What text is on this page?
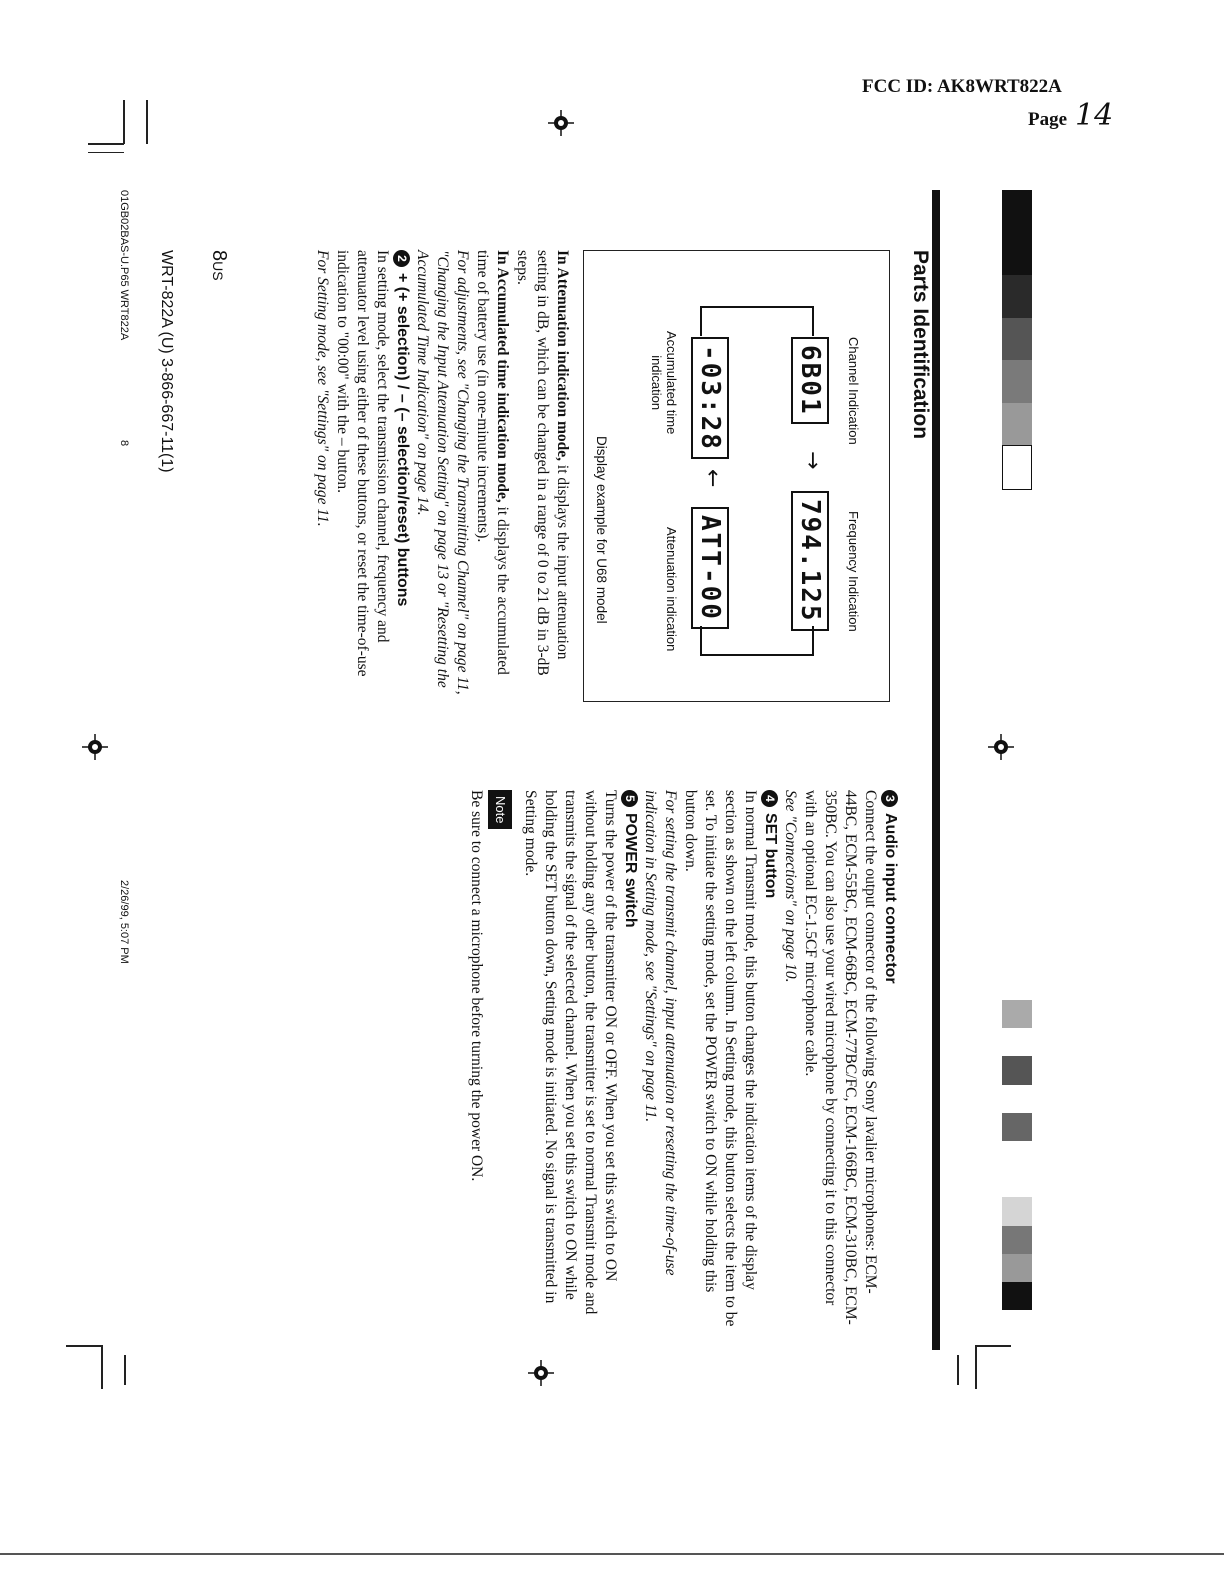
FCC ID: AK8WRT822A
Page 14
Parts Identification
Channel Indication
Frequency Indication
6B01
→
794.125
-03:28
←
ATT-00
Accumulated time
indication
Attenuation indication
Display example for U68 model

In Attenuation indication mode, it displays the input attenuation setting in dB, which can be changed in a range of 0 to 21 dB in 3-dB steps.

In Accumulated time indication mode, it displays the accumulated time of battery use (in one-minute increments).

For adjustments, see "Changing the Transmitting Channel" on page 11, "Changing the Input Attenuation Setting" on page 13 or "Resetting the Accumulated Time Indication" on page 14.

2+ (+ selection) / – (– selection/reset) buttons

In setting mode, select the transmission channel, frequency and attenuator level using either of these buttons, or reset the time-of-use indication to "00:00" with the – button.

For Setting mode, see "Settings" on page 11.

3Audio input connector

Connect the output connector of the following Sony lavalier microphones: ECM-44BC, ECM-55BC, ECM-66BC, ECM-77BC/FC, ECM-166BC, ECM-310BC, ECM-350BC. You can also use your wired microphone by connecting it to this connector with an optional EC-1.5CF microphone cable.

See "Connections" on page 10.

4SET button

In normal Transmit mode, this button changes the indication items of the display section as shown on the left column. In Setting mode, this button selects the item to be set. To initiate the setting mode, set the POWER switch to ON while holding this button down.

For setting the transmit channel, input attenuation or resetting the time-of-use indication in Setting mode, see "Settings" on page 11.

5POWER switch

Turns the power of the transmitter ON or OFF. When you set this switch to ON without holding any other button, the transmitter is set to normal Transmit mode and transmits the signal of the selected channel. When you set this switch to ON while holding the SET button down, Setting mode is initiated. No signal is transmitted in Setting mode.

Note

Be sure to connect a microphone before turning the power ON.

8US
WRT-822A (U) 3-866-667-11(1)
01GB02BAS-U.P65 WRT822A
8
2/26/99, 5:07 PM
